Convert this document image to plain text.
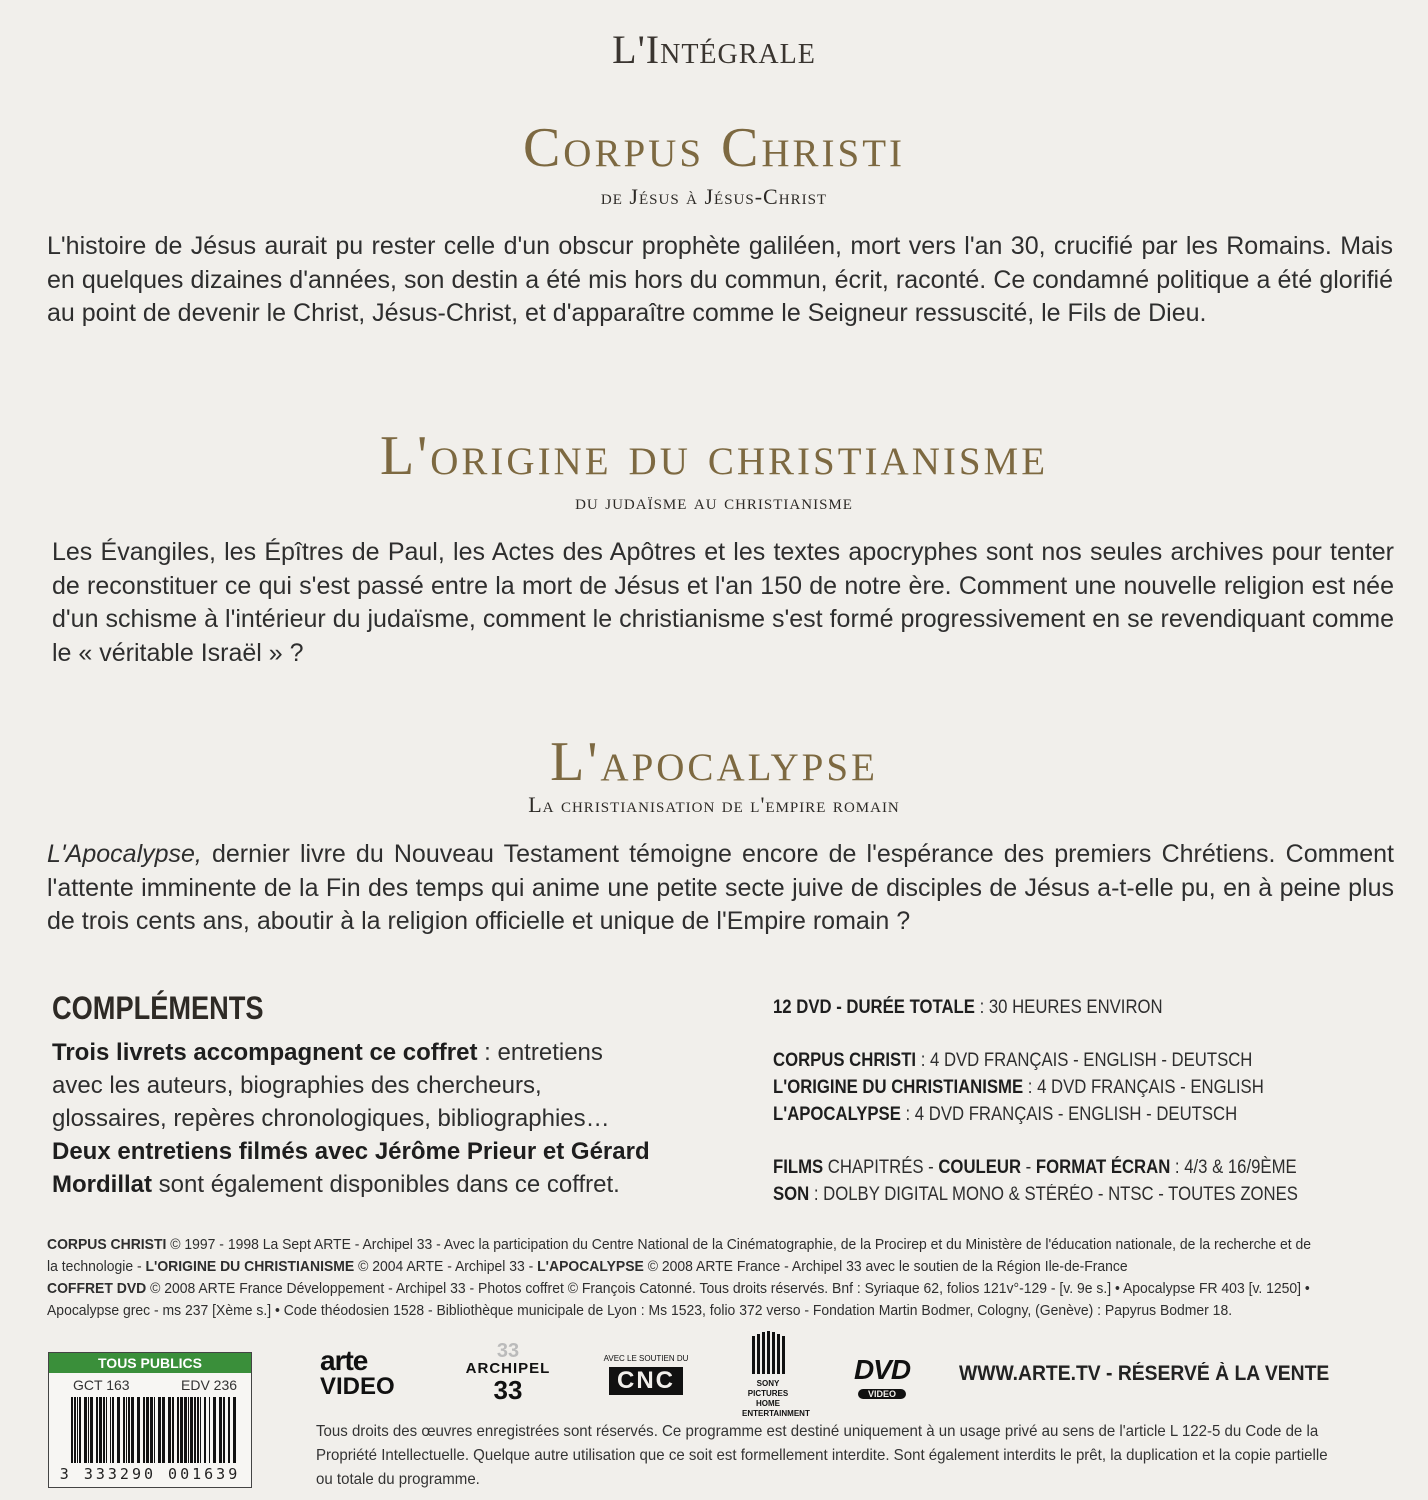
L'Intégrale
Corpus Christi
de Jésus à Jésus-Christ
L'histoire de Jésus aurait pu rester celle d'un obscur prophète galiléen, mort vers l'an 30, crucifié par les Romains. Mais en quelques dizaines d'années, son destin a été mis hors du commun, écrit, raconté. Ce condamné politique a été glorifié au point de devenir le Christ, Jésus-Christ, et d'apparaître comme le Seigneur ressuscité, le Fils de Dieu.
L'origine du christianisme
du judaïsme au christianisme
Les Évangiles, les Épîtres de Paul, les Actes des Apôtres et les textes apocryphes sont nos seules archives pour tenter de reconstituer ce qui s'est passé entre la mort de Jésus et l'an 150 de notre ère. Comment une nouvelle religion est née d'un schisme à l'intérieur du judaïsme, comment le christianisme s'est formé progressivement en se revendiquant comme le « véritable Israël » ?
L'apocalypse
La christianisation de l'empire romain
L'Apocalypse, dernier livre du Nouveau Testament témoigne encore de l'espérance des premiers Chrétiens. Comment l'attente imminente de la Fin des temps qui anime une petite secte juive de disciples de Jésus a-t-elle pu, en à peine plus de trois cents ans, aboutir à la religion officielle et unique de l'Empire romain ?
COMPLÉMENTS
Trois livrets accompagnent ce coffret : entretiens avec les auteurs, biographies des chercheurs, glossaires, repères chronologiques, bibliographies…
Deux entretiens filmés avec Jérôme Prieur et Gérard Mordillat sont également disponibles dans ce coffret.
12 DVD - DURÉE TOTALE : 30 HEURES ENVIRON
CORPUS CHRISTI : 4 DVD FRANÇAIS - ENGLISH - DEUTSCH
L'ORIGINE DU CHRISTIANISME : 4 DVD FRANÇAIS - ENGLISH
L'APOCALYPSE : 4 DVD FRANÇAIS - ENGLISH - DEUTSCH
FILMS CHAPITRÉS - COULEUR - FORMAT ÉCRAN : 4/3 & 16/9ÈME
SON : DOLBY DIGITAL MONO & STÉRÉO - NTSC - TOUTES ZONES
CORPUS CHRISTI © 1997 - 1998 La Sept ARTE - Archipel 33 - Avec la participation du Centre National de la Cinématographie, de la Procirep et du Ministère de l'éducation nationale, de la recherche et de
la technologie - L'ORIGINE DU CHRISTIANISME © 2004 ARTE - Archipel 33 - L'APOCALYPSE © 2008 ARTE France - Archipel 33 avec le soutien de la Région Ile-de-France
COFFRET DVD © 2008 ARTE France Développement - Archipel 33 - Photos coffret © François Catonné. Tous droits réservés. Bnf : Syriaque 62, folios 121v°-129 - [v. 9e s.] • Apocalypse FR 403 [v. 1250] •
Apocalypse grec - ms 237 [Xème s.] • Code théodosien 1528 - Bibliothèque municipale de Lyon : Ms 1523, folio 372 verso - Fondation Martin Bodmer, Cologny, (Genève) : Papyrus Bodmer 18.
TOUS PUBLICS
GCT 163	EDV 236
3 333290 001639
arte
VIDEO
33
ARCHIPEL
33
AVEC LE SOUTIEN DU
CNC	SONY PICTURES HOME ENTERTAINMENT
DVD
VIDEO
WWW.ARTE.TV - RÉSERVÉ À LA VENTE
Tous droits des œuvres enregistrées sont réservés. Ce programme est destiné uniquement à un usage privé au sens de l'article L 122-5 du Code de la
Propriété Intellectuelle. Quelque autre utilisation que ce soit est formellement interdite. Sont également interdits le prêt, la duplication et la copie partielle
ou totale du programme.
